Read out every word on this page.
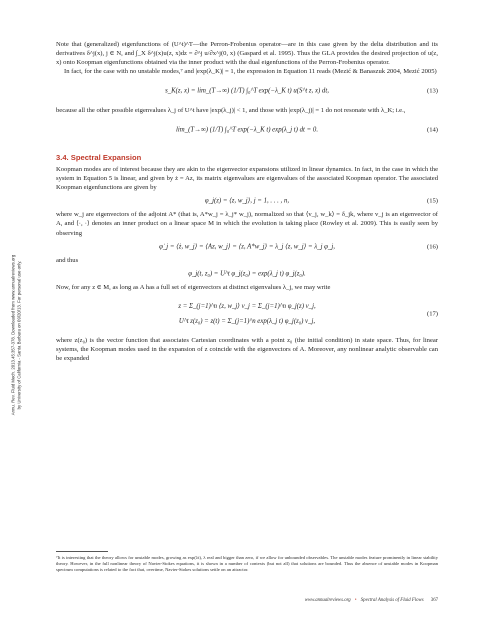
Annu. Rev. Fluid Mech. 2013.45:357-378. Downloaded from www.annualreviews.org by University of California - Santa Barbara on 09/20/13. For personal use only.

Note that (generalized) eigenfunctions of (U^t)^T—the Perron-Frobenius operator—are in this case given by the delta distribution and its derivatives δ^j(x), j ∈ N, and ∫_X δ^j(x)u(z, x)dz = ∂^j u/∂x^j(0, x) (Gaspard et al. 1995). Thus the GLA provides the desired projection of u(z, x) onto Koopman eigenfunctions obtained via the inner product with the dual eigenfunctions of the Perron-Frobenius operator.

In fact, for the case with no unstable modes,⁷ and |exp(λ_K)| = 1, the expression in Equation 11 reads (Mezić & Banaszuk 2004, Mezić 2005)

s_K(z, x) = lim_(T→∞) (1/T) ∫₀^T exp(−λ_K t) u(S^t z, x) dt,	(13)

because all the other possible eigenvalues λ_j of U^t have |exp(λ_j)| < 1, and those with |exp(λ_j)| = 1 do not resonate with λ_K; i.e.,

lim_(T→∞) (1/T) ∫₀^T exp(−λ_K t) exp(λ_j t) dt = 0.	(14)
3.4. Spectral Expansion

Koopman modes are of interest because they are akin to the eigenvector expansions utilized in linear dynamics. In fact, in the case in which the system in Equation 5 is linear, and given by ż = Az, its matrix eigenvalues are eigenvalues of the associated Koopman operator. The associated Koopman eigenfunctions are given by

φ_j(z) = ⟨z, w_j⟩, j = 1, . . . , n,	(15)

where w_j are eigenvectors of the adjoint A* (that is, A*w_j = λ_j* w_j), normalized so that ⟨v_j, w_k⟩ = δ_jk, where v_j is an eigenvector of A, and ⟨·, ·⟩ denotes an inner product on a linear space M in which the evolution is taking place (Rowley et al. 2009). This is easily seen by observing

φ̇_j = ⟨ż, w_j⟩ = ⟨Az, w_j⟩ = ⟨z, A*w_j⟩ = λ_j ⟨z, w_j⟩ = λ_j φ_j,	(16)

and thus

φ_j(t, z₀) = U^t φ_j(z₀) = exp(λ_j t) φ_j(z₀).

Now, for any z ∈ M, as long as A has a full set of eigenvectors at distinct eigenvalues λ_j, we may write

z = Σ_(j=1)^n ⟨z, w_j⟩ v_j = Σ_(j=1)^n φ_j(z) v_j,
U^t z(z₀) = z(t) = Σ_(j=1)^n exp(λ_j t) φ_j(z₀) v_j,
(17)

where z(z₀) is the vector function that associates Cartesian coordinates with a point z₀ (the initial condition) in state space. Thus, for linear systems, the Koopman modes used in the expansion of z coincide with the eigenvectors of A. Moreover, any nonlinear analytic observable can be expanded

⁷It is interesting that the theory allows for unstable modes, growing as exp(λt), λ real and bigger than zero, if we allow for unbounded observables. The unstable modes feature prominently in linear stability theory. However, in the full nonlinear theory of Navier-Stokes equations, it is shown in a number of contexts (but not all) that solutions are bounded. Thus the absence of unstable modes in Koopman spectrum computations is related to the fact that, overtime, Navier-Stokes solutions settle on an attractor.
www.annualreviews.org • Spectral Analysis of Fluid Flows 367
